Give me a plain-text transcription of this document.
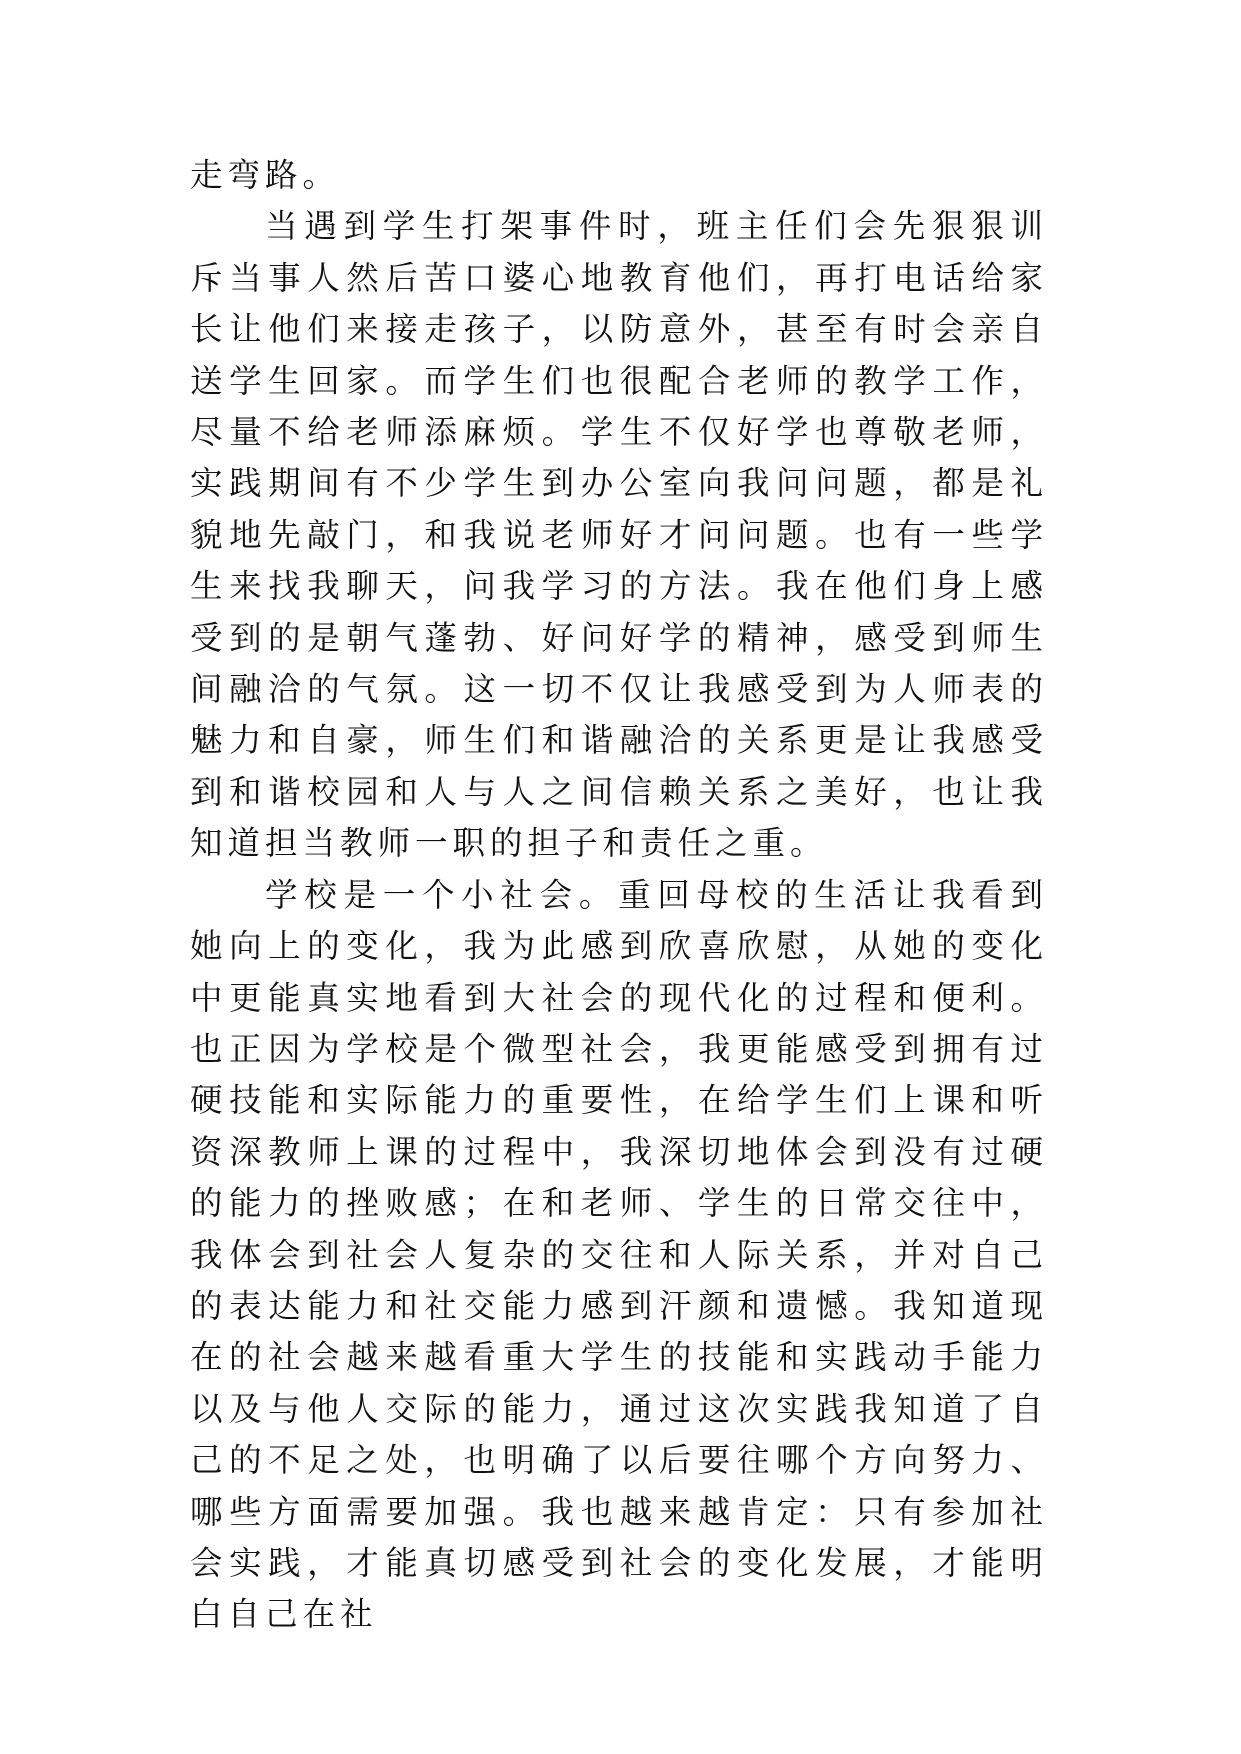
走弯路。

当遇到学生打架事件时，班主任们会先狠狠训斥当事人然后苦口婆心地教育他们，再打电话给家长让他们来接走孩子，以防意外，甚至有时会亲自送学生回家。而学生们也很配合老师的教学工作，尽量不给老师添麻烦。学生不仅好学也尊敬老师，实践期间有不少学生到办公室向我问问题，都是礼貌地先敲门，和我说老师好才问问题。也有一些学生来找我聊天，问我学习的方法。我在他们身上感受到的是朝气蓬勃、好问好学的精神，感受到师生间融洽的气氛。这一切不仅让我感受到为人师表的魅力和自豪，师生们和谐融洽的关系更是让我感受到和谐校园和人与人之间信赖关系之美好，也让我知道担当教师一职的担子和责任之重。

学校是一个小社会。重回母校的生活让我看到她向上的变化，我为此感到欣喜欣慰，从她的变化中更能真实地看到大社会的现代化的过程和便利。也正因为学校是个微型社会，我更能感受到拥有过硬技能和实际能力的重要性，在给学生们上课和听资深教师上课的过程中，我深切地体会到没有过硬的能力的挫败感；在和老师、学生的日常交往中，我体会到社会人复杂的交往和人际关系，并对自己的表达能力和社交能力感到汗颜和遗憾。我知道现在的社会越来越看重大学生的技能和实践动手能力以及与他人交际的能力，通过这次实践我知道了自己的不足之处，也明确了以后要往哪个方向努力、哪些方面需要加强。我也越来越肯定：只有参加社会实践，才能真切感受到社会的变化发展，才能明白自己在社
